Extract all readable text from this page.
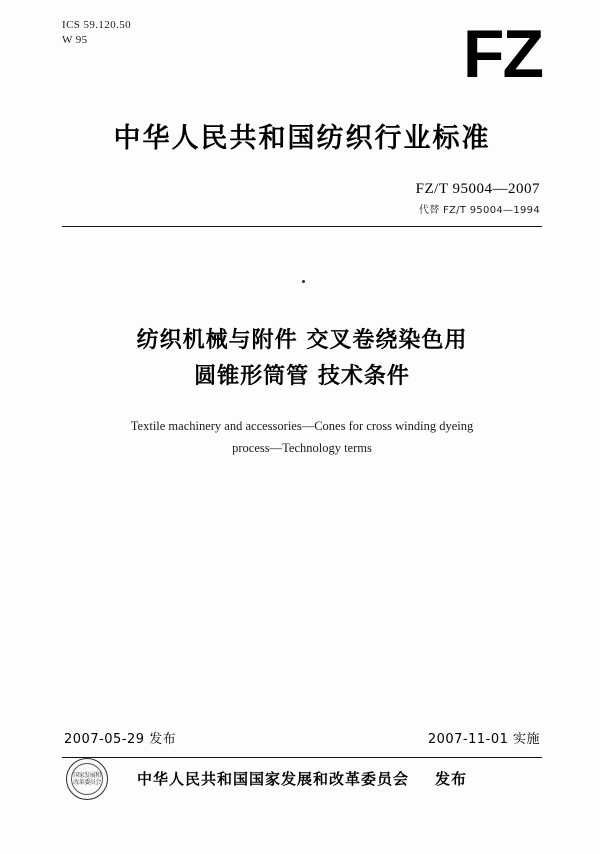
ICS 59.120.50
W 95	FZ
中华人民共和国纺织行业标准
FZ/T 95004—2007
代替 FZ/T 95004—1994
纺织机械与附件 交叉卷绕染色用
圆锥形筒管 技术条件
Textile machinery and accessories—Cones for cross winding dyeing
process—Technology terms
2007-05-29 发布	2007-11-01 实施
国家发展和改革委员会	中华人民共和国国家发展和改革委员会 发布
